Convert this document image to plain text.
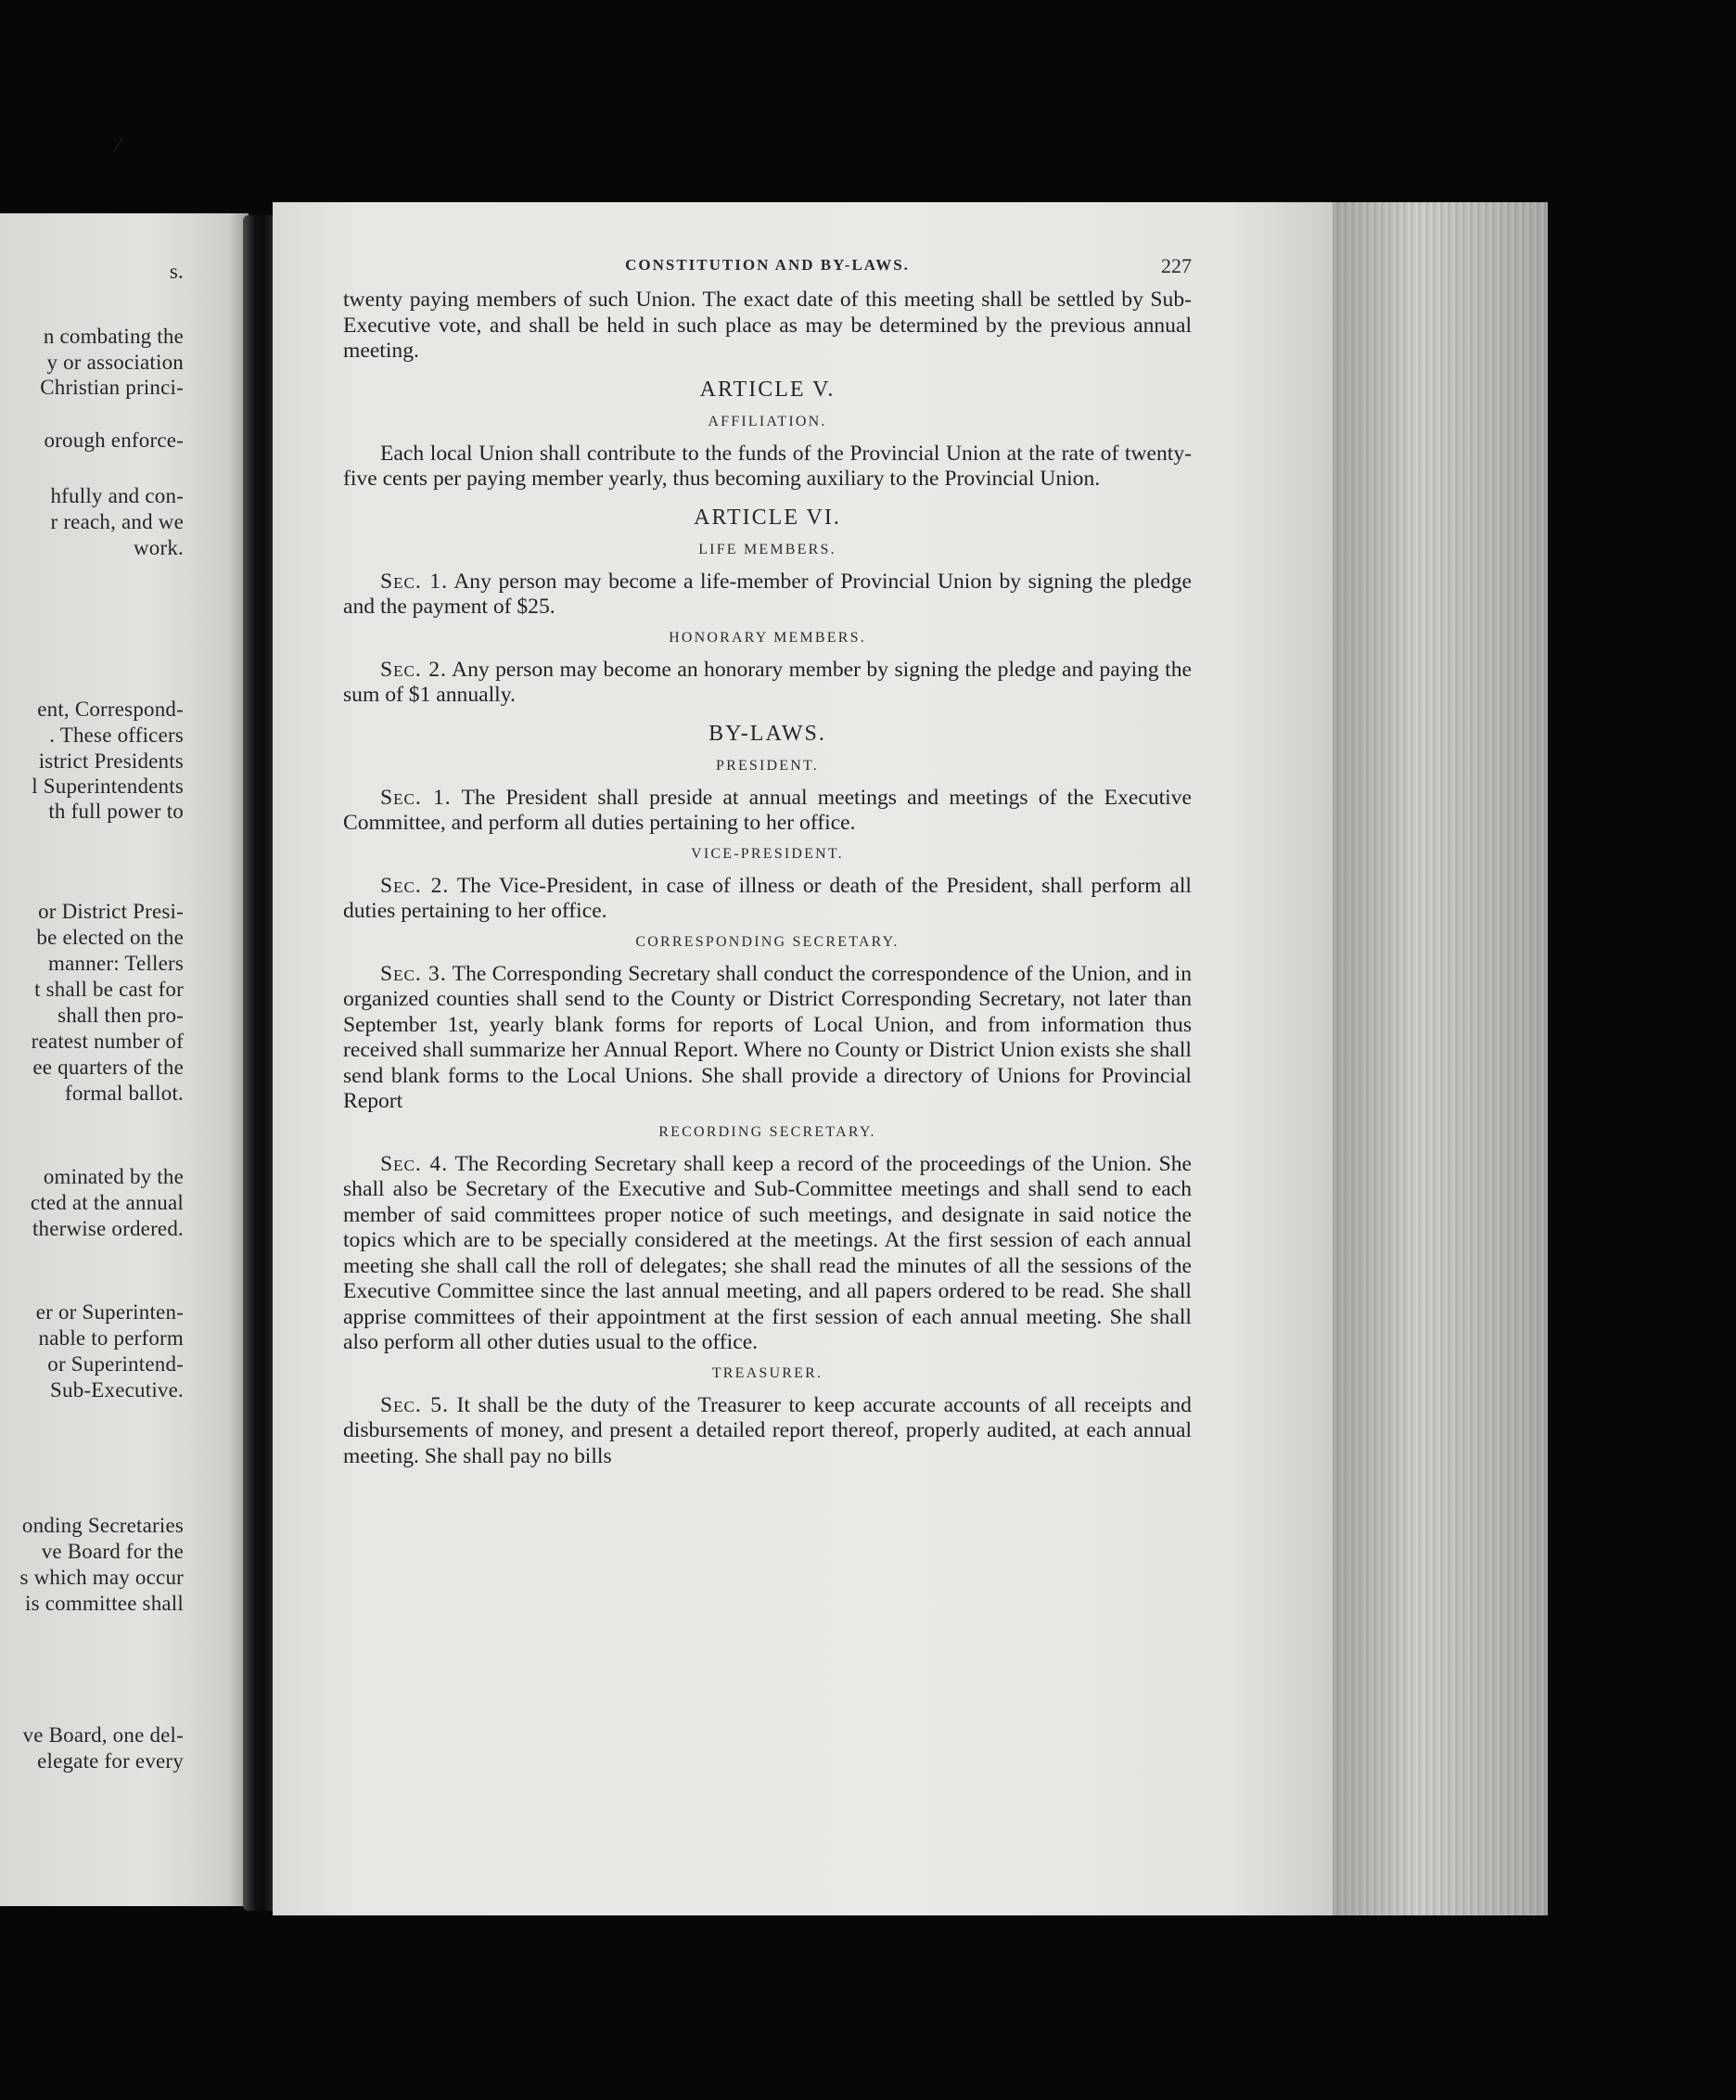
⸍
s.
n combating the
y or association
Christian princi-
orough enforce-
hfully and con-
r reach, and we
work.
ent, Correspond-
. These officers
istrict Presidents
l Superintendents
th full power to
or District Presi-
be elected on the
manner: Tellers
t shall be cast for
shall then pro-
reatest number of
ee quarters of the
formal ballot.
ominated by the
cted at the annual
therwise ordered.
er or Superinten-
nable to perform
or Superintend-
Sub-Executive.
onding Secretaries
ve Board for the
s which may occur
is committee shall
ve Board, one del-
elegate for every
CONSTITUTION AND BY-LAWS.	227

twenty paying members of such Union. The exact date of this meeting shall be settled by Sub-Executive vote, and shall be held in such place as may be determined by the previous annual meeting.

ARTICLE V.
AFFILIATION.

Each local Union shall contribute to the funds of the Provincial Union at the rate of twenty-five cents per paying member yearly, thus becoming auxiliary to the Provincial Union.

ARTICLE VI.
LIFE MEMBERS.

Sec. 1. Any person may become a life-member of Provincial Union by signing the pledge and the payment of $25.

HONORARY MEMBERS.

Sec. 2. Any person may become an honorary member by signing the pledge and paying the sum of $1 annually.

BY-LAWS.
PRESIDENT.

Sec. 1. The President shall preside at annual meetings and meetings of the Executive Committee, and perform all duties pertaining to her office.

VICE-PRESIDENT.

Sec. 2. The Vice-President, in case of illness or death of the President, shall perform all duties pertaining to her office.

CORRESPONDING SECRETARY.

Sec. 3. The Corresponding Secretary shall conduct the correspondence of the Union, and in organized counties shall send to the County or District Corresponding Secretary, not later than September 1st, yearly blank forms for reports of Local Union, and from information thus received shall summarize her Annual Report. Where no County or District Union exists she shall send blank forms to the Local Unions. She shall provide a directory of Unions for Provincial Report

RECORDING SECRETARY.

Sec. 4. The Recording Secretary shall keep a record of the proceedings of the Union. She shall also be Secretary of the Executive and Sub-Committee meetings and shall send to each member of said committees proper notice of such meetings, and designate in said notice the topics which are to be specially considered at the meetings. At the first session of each annual meeting she shall call the roll of delegates; she shall read the minutes of all the sessions of the Executive Committee since the last annual meeting, and all papers ordered to be read. She shall apprise committees of their appointment at the first session of each annual meeting. She shall also perform all other duties usual to the office.

TREASURER.

Sec. 5. It shall be the duty of the Treasurer to keep accurate accounts of all receipts and disbursements of money, and present a detailed report thereof, properly audited, at each annual meeting. She shall pay no bills
